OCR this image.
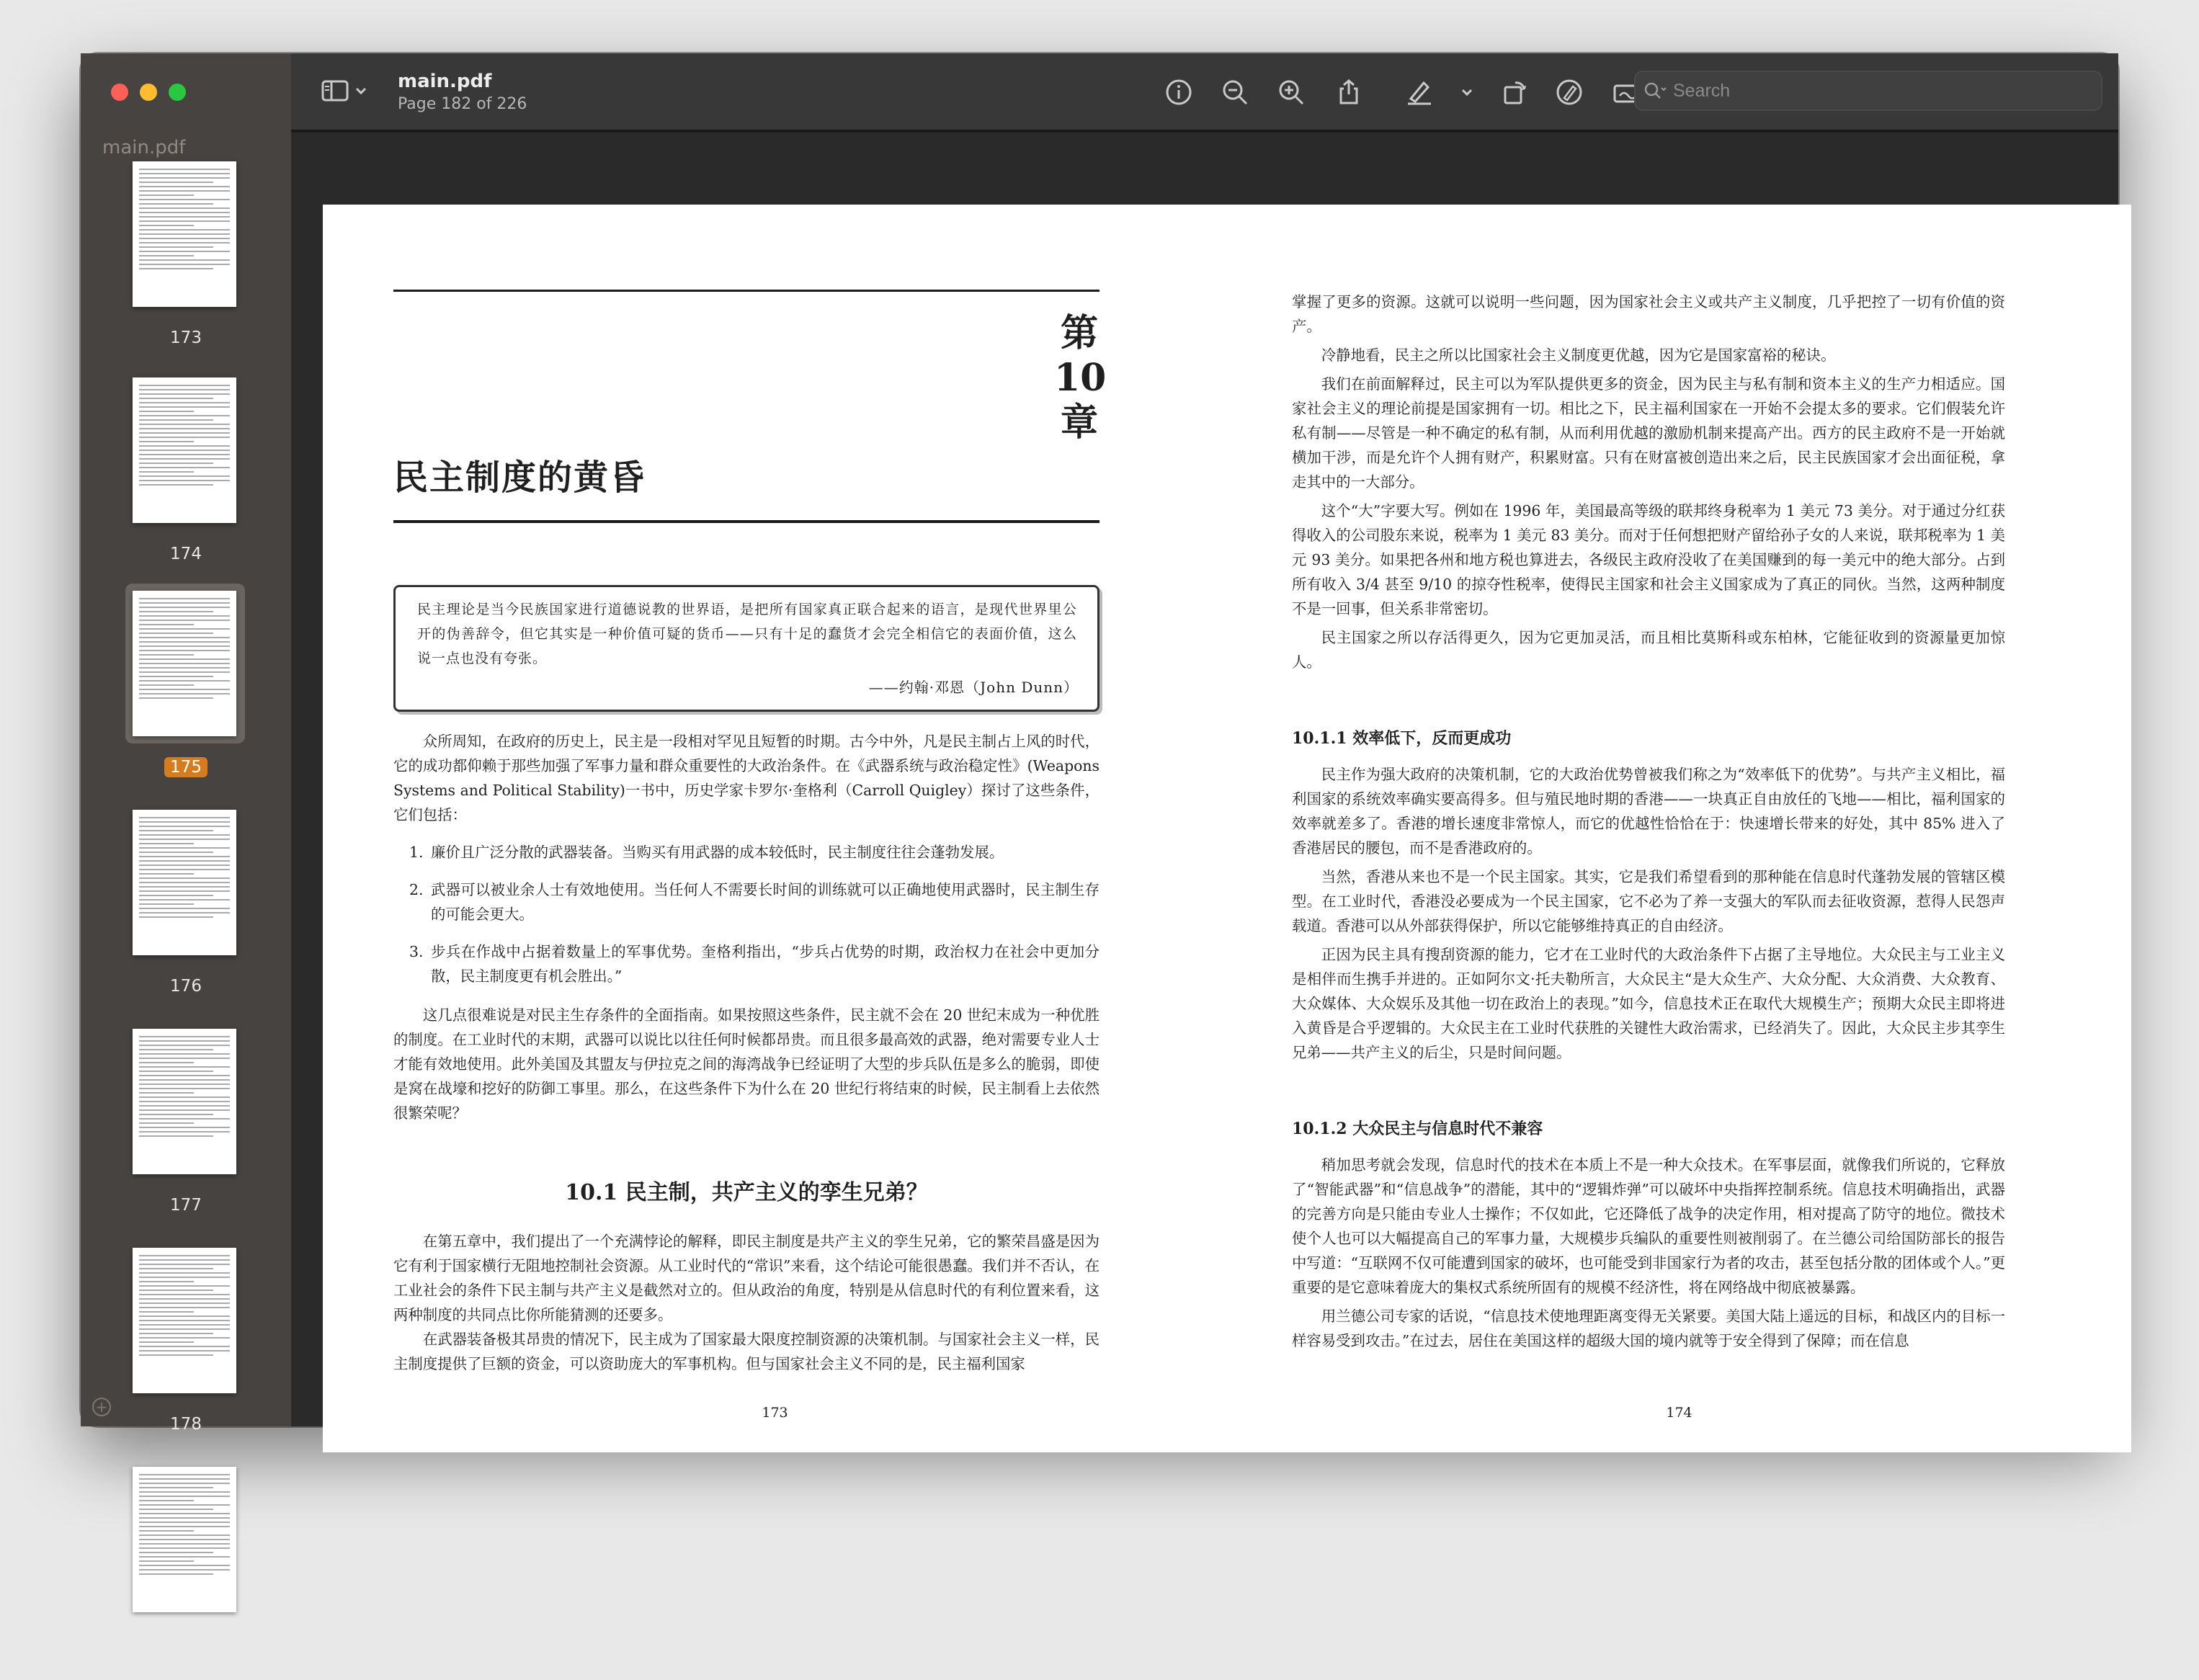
main.pdf
173
174
175
176
177
178
+
main.pdf
Page 182 of 226
Search
第
10
章
民主制度的黄昏
民主理论是当今民族国家进行道德说教的世界语，是把所有国家真正联合起来的语言，是现代世界里公开的伪善辞令，但它其实是一种价值可疑的货币——只有十足的蠢货才会完全相信它的表面价值，这么说一点也没有夸张。
——约翰·邓恩（John Dunn）

众所周知，在政府的历史上，民主是一段相对罕见且短暂的时期。古今中外，凡是民主制占上风的时代，它的成功都仰赖于那些加强了军事力量和群众重要性的大政治条件。在《武器系统与政治稳定性》(Weapons Systems and Political Stability)一书中，历史学家卡罗尔·奎格利（Carroll Quigley）探讨了这些条件，它们包括：

1. 廉价且广泛分散的武器装备。当购买有用武器的成本较低时，民主制度往往会蓬勃发展。
2. 武器可以被业余人士有效地使用。当任何人不需要长时间的训练就可以正确地使用武器时，民主制生存的可能会更大。
3. 步兵在作战中占据着数量上的军事优势。奎格利指出，“步兵占优势的时期，政治权力在社会中更加分散，民主制度更有机会胜出。”

这几点很难说是对民主生存条件的全面指南。如果按照这些条件，民主就不会在 20 世纪末成为一种优胜的制度。在工业时代的末期，武器可以说比以往任何时候都昂贵。而且很多最高效的武器，绝对需要专业人士才能有效地使用。此外美国及其盟友与伊拉克之间的海湾战争已经证明了大型的步兵队伍是多么的脆弱，即使是窝在战壕和挖好的防御工事里。那么，在这些条件下为什么在 20 世纪行将结束的时候，民主制看上去依然很繁荣呢？

10.1 民主制，共产主义的孪生兄弟？

在第五章中，我们提出了一个充满悖论的解释，即民主制度是共产主义的孪生兄弟，它的繁荣昌盛是因为它有利于国家横行无阻地控制社会资源。从工业时代的“常识”来看，这个结论可能很愚蠢。我们并不否认，在工业社会的条件下民主制与共产主义是截然对立的。但从政治的角度，特别是从信息时代的有利位置来看，这两种制度的共同点比你所能猜测的还要多。

在武器装备极其昂贵的情况下，民主成为了国家最大限度控制资源的决策机制。与国家社会主义一样，民主制度提供了巨额的资金，可以资助庞大的军事机构。但与国家社会主义不同的是，民主福利国家

173

掌握了更多的资源。这就可以说明一些问题，因为国家社会主义或共产主义制度，几乎把控了一切有价值的资产。

冷静地看，民主之所以比国家社会主义制度更优越，因为它是国家富裕的秘诀。

我们在前面解释过，民主可以为军队提供更多的资金，因为民主与私有制和资本主义的生产力相适应。国家社会主义的理论前提是国家拥有一切。相比之下，民主福利国家在一开始不会提太多的要求。它们假装允许私有制——尽管是一种不确定的私有制，从而利用优越的激励机制来提高产出。西方的民主政府不是一开始就横加干涉，而是允许个人拥有财产，积累财富。只有在财富被创造出来之后，民主民族国家才会出面征税，拿走其中的一大部分。

这个“大”字要大写。例如在 1996 年，美国最高等级的联邦终身税率为 1 美元 73 美分。对于通过分红获得收入的公司股东来说，税率为 1 美元 83 美分。而对于任何想把财产留给孙子女的人来说，联邦税率为 1 美元 93 美分。如果把各州和地方税也算进去，各级民主政府没收了在美国赚到的每一美元中的绝大部分。占到所有收入 3/4 甚至 9/10 的掠夺性税率，使得民主国家和社会主义国家成为了真正的同伙。当然，这两种制度不是一回事，但关系非常密切。

民主国家之所以存活得更久，因为它更加灵活，而且相比莫斯科或东柏林，它能征收到的资源量更加惊人。

10.1.1 效率低下，反而更成功

民主作为强大政府的决策机制，它的大政治优势曾被我们称之为“效率低下的优势”。与共产主义相比，福利国家的系统效率确实要高得多。但与殖民地时期的香港——一块真正自由放任的飞地——相比，福利国家的效率就差多了。香港的增长速度非常惊人，而它的优越性恰恰在于：快速增长带来的好处，其中 85% 进入了香港居民的腰包，而不是香港政府的。

当然，香港从来也不是一个民主国家。其实，它是我们希望看到的那种能在信息时代蓬勃发展的管辖区模型。在工业时代，香港没必要成为一个民主国家，它不必为了养一支强大的军队而去征收资源，惹得人民怨声载道。香港可以从外部获得保护，所以它能够维持真正的自由经济。

正因为民主具有搜刮资源的能力，它才在工业时代的大政治条件下占据了主导地位。大众民主与工业主义是相伴而生携手并进的。正如阿尔文·托夫勒所言，大众民主“是大众生产、大众分配、大众消费、大众教育、大众媒体、大众娱乐及其他一切在政治上的表现。”如今，信息技术正在取代大规模生产；预期大众民主即将进入黄昏是合乎逻辑的。大众民主在工业时代获胜的关键性大政治需求，已经消失了。因此，大众民主步其孪生兄弟——共产主义的后尘，只是时间问题。

10.1.2 大众民主与信息时代不兼容

稍加思考就会发现，信息时代的技术在本质上不是一种大众技术。在军事层面，就像我们所说的，它释放了“智能武器”和“信息战争”的潜能，其中的“逻辑炸弹”可以破坏中央指挥控制系统。信息技术明确指出，武器的完善方向是只能由专业人士操作；不仅如此，它还降低了战争的决定作用，相对提高了防守的地位。微技术使个人也可以大幅提高自己的军事力量，大规模步兵编队的重要性则被削弱了。在兰德公司给国防部长的报告中写道：“互联网不仅可能遭到国家的破坏，也可能受到非国家行为者的攻击，甚至包括分散的团体或个人。”更重要的是它意味着庞大的集权式系统所固有的规模不经济性，将在网络战中彻底被暴露。

用兰德公司专家的话说，“信息技术使地理距离变得无关紧要。美国大陆上遥远的目标，和战区内的目标一样容易受到攻击。”在过去，居住在美国这样的超级大国的境内就等于安全得到了保障；而在信息

174
